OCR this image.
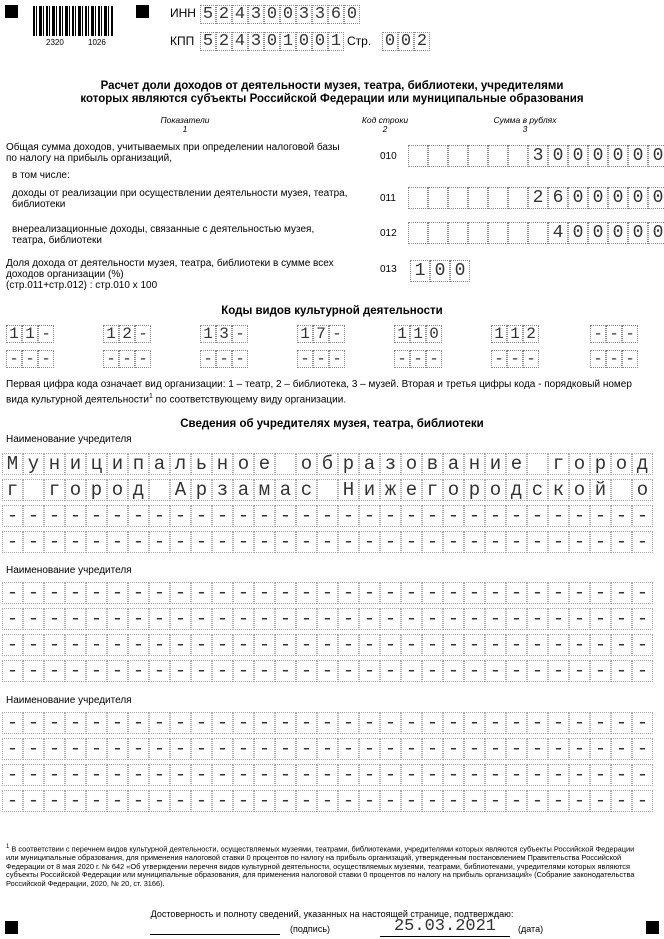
2320	1026
ИНН 5 2 4 3 0 0 3 3 6 0
КПП 5 2 4 3 0 1 0 0 1 Стр. 0 0 2
Расчет доли доходов от деятельности музея, театра, библиотеки, учредителями
которых являются субъекты Российской Федерации или муниципальные образования
Показатели
1
Код строки
2
Сумма в рублях
3
Общая сумма доходов, учитываемых при определении налоговой базы
по налогу на прибыль организаций,	010	3 0 0 0 0 0 0
в том числе:
доходы от реализации при осуществлении деятельности музея, театра,
библиотеки
011	2 6 0 0 0 0 0
внереализационные доходы, связанные с деятельностью музея,
театра, библиотеки
012	4 0 0 0 0 0
Доля дохода от деятельности музея, театра, библиотеки в сумме всех
доходов организации (%)
(стр.011+стр.012) : стр.010 х 100
013 1 0 0
Коды видов культурной деятельности
1 1 -	1 2 -	1 3 -	1 7 -	1 1 0	1 1 2	- - -
- - -	- - -	- - -	- - -	- - -	- - -	- - -
Первая цифра кода означает вид организации: 1 – театр, 2 – библиотека, 3 – музей. Вторая и третья цифры кода - порядковый номер
вида культурной деятельности$^1$ по соответствующему виду организации.
Сведения об учредителях музея, театра, библиотеки
Наименование учредителя
М у н и ц и п а л ь н о е о б р а з о в а н и е г о р о д
г г о р о д А р з а м а с Н и ж е г о р о д с к о й о
- - - - - - - - - - - - - - - - - - - - - - - - - - - - - - -
- - - - - - - - - - - - - - - - - - - - - - - - - - - - - - -
Наименование учредителя
- - - - - - - - - - - - - - - - - - - - - - - - - - - - - - -
- - - - - - - - - - - - - - - - - - - - - - - - - - - - - - -
- - - - - - - - - - - - - - - - - - - - - - - - - - - - - - -
- - - - - - - - - - - - - - - - - - - - - - - - - - - - - - -
Наименование учредителя
- - - - - - - - - - - - - - - - - - - - - - - - - - - - - - -
- - - - - - - - - - - - - - - - - - - - - - - - - - - - - - -
- - - - - - - - - - - - - - - - - - - - - - - - - - - - - - -
- - - - - - - - - - - - - - - - - - - - - - - - - - - - - - -
$^1$ В соответствии с перечнем видов культурной деятельности, осуществляемых музеями, театрами, библиотеками, учредителями которых являются субъекты Российской Федерации или муниципальные образования, для применения налоговой ставки 0 процентов по налогу на прибыль организаций, утвержденным постановлением Правительства Российской Федерации от 8 мая 2020 г. № 642 «Об утверждении перечня видов культурной деятельности, осуществляемых музеями, театрами, библиотеками, учредителями которых являются субъекты Российской Федерации или муниципальные образования, для применения налоговой ставки 0 процентов по налогу на прибыль организаций» (Собрание законодательства Российской Федерации, 2020, № 20, ст. 3166).
Достоверность и полноту сведений, указанных на настоящей странице, подтверждаю:
(подпись)	25.03.2021	(дата)
